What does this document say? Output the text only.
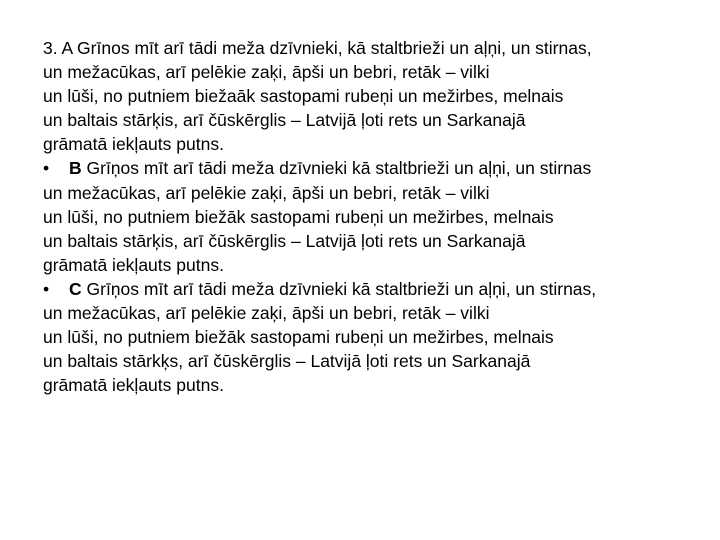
3. A Grīnos mīt arī tādi meža dzīvnieki, kā staltbrieži un aļņi, un stirnas,
un mežacūkas, arī pelēkie zaķi, āpši un bebri, retāk – vilki
un lūši, no putniem biežaāk sastopami rubeņi un mežirbes, melnais
un baltais stārķis, arī čūskērglis – Latvijā ļoti rets un Sarkanajā
grāmatā iekļauts putns.
• B Grīņos mīt arī tādi meža dzīvnieki kā staltbrieži un aļņi, un stirnas
un mežacūkas, arī pelēkie zaķi, āpši un bebri, retāk – vilki
un lūši, no putniem biežāk sastopami rubeņi un mežirbes, melnais
un baltais stārķis, arī čūskērglis – Latvijā ļoti rets un Sarkanajā
grāmatā iekļauts putns.
• C Grīņos mīt arī tādi meža dzīvnieki kā staltbrieži un aļņi, un stirnas,
un mežacūkas, arī pelēkie zaķi, āpši un bebri, retāk – vilki
un lūši, no putniem biežāk sastopami rubeņi un mežirbes, melnais
un baltais stārkķs, arī čūskērglis – Latvijā ļoti rets un Sarkanajā
grāmatā iekļauts putns.
